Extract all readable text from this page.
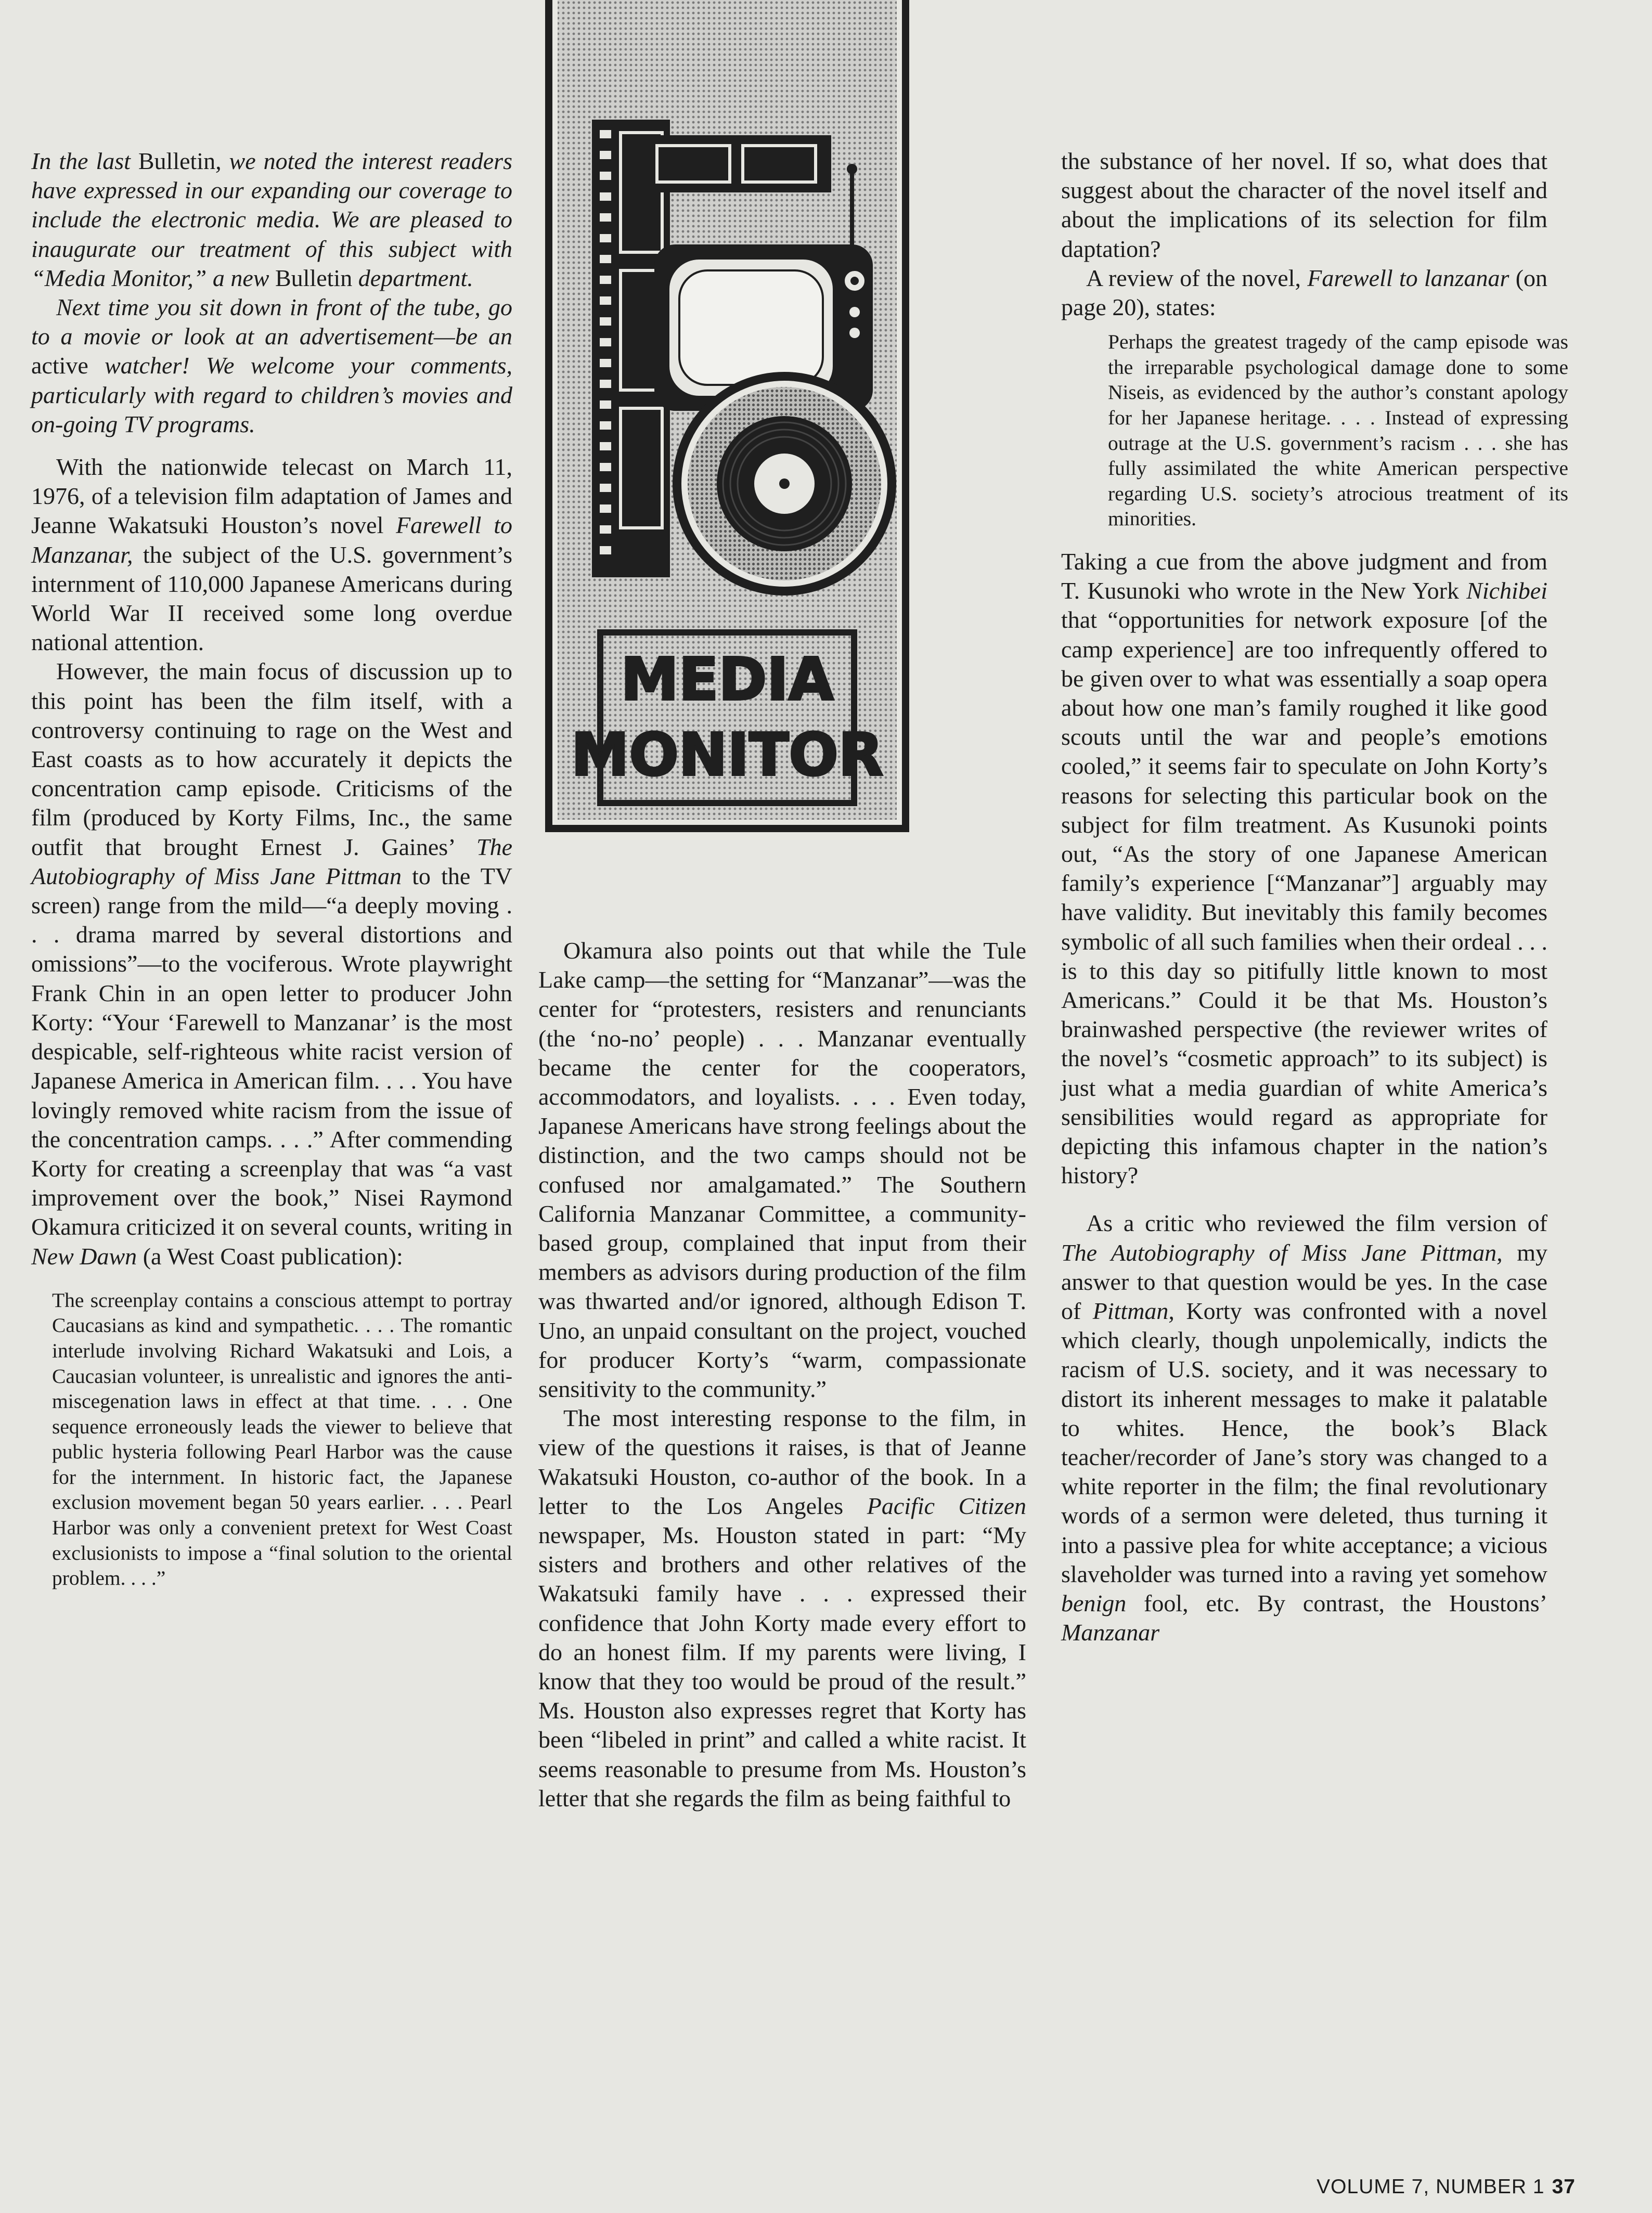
In the last Bulletin, we noted the interest readers have expressed in our expanding our coverage to include the electronic media. We are pleased to inaugurate our treatment of this subject with “Media Monitor,” a new Bulletin department.

Next time you sit down in front of the tube, go to a movie or look at an advertisement—be an active watcher! We welcome your comments, particularly with regard to children’s movies and on-going TV programs.

With the nationwide telecast on March 11, 1976, of a television film adaptation of James and Jeanne Wakatsuki Houston’s novel Farewell to Manzanar, the subject of the U.S. government’s internment of 110,000 Japanese Americans during World War II received some long overdue national attention.

However, the main focus of discussion up to this point has been the film itself, with a controversy continuing to rage on the West and East coasts as to how accurately it depicts the concentration camp episode. Criticisms of the film (produced by Korty Films, Inc., the same outfit that brought Ernest J. Gaines’ The Autobiography of Miss Jane Pittman to the TV screen) range from the mild—“a deeply moving . . . drama marred by several distortions and omissions”—to the vociferous. Wrote playwright Frank Chin in an open letter to producer John Korty: “Your ‘Farewell to Manzanar’ is the most despicable, self-righteous white racist version of Japanese America in American film. . . . You have lovingly removed white racism from the issue of the concentration camps. . . .” After commending Korty for creating a screenplay that was “a vast improvement over the book,” Nisei Raymond Okamura criticized it on several counts, writing in New Dawn (a West Coast publication):

The screenplay contains a conscious attempt to portray Caucasians as kind and sympathetic. . . . The romantic interlude involving Richard Wakatsuki and Lois, a Caucasian volunteer, is unrealistic and ignores the anti-miscegenation laws in effect at that time. . . . One sequence erroneously leads the viewer to believe that public hysteria following Pearl Harbor was the cause for the internment. In historic fact, the Japanese exclusion movement began 50 years earlier. . . . Pearl Harbor was only a convenient pretext for West Coast exclusionists to impose a “final solution to the oriental problem. . . .”
MEDIA
MONITOR

Okamura also points out that while the Tule Lake camp—the setting for “Manzanar”—was the center for “protesters, resisters and renunciants (the ‘no-no’ people) . . . Manzanar eventually became the center for the cooperators, accommodators, and loyalists. . . . Even today, Japanese Americans have strong feelings about the distinction, and the two camps should not be confused nor amalgamated.” The Southern California Manzanar Committee, a community-based group, complained that input from their members as advisors during production of the film was thwarted and/or ignored, although Edison T. Uno, an unpaid consultant on the project, vouched for producer Korty’s “warm, compassionate sensitivity to the community.”

The most interesting response to the film, in view of the questions it raises, is that of Jeanne Wakatsuki Houston, co-author of the book. In a letter to the Los Angeles Pacific Citizen newspaper, Ms. Houston stated in part: “My sisters and brothers and other relatives of the Wakatsuki family have . . . expressed their confidence that John Korty made every effort to do an honest film. If my parents were living, I know that they too would be proud of the result.” Ms. Houston also expresses regret that Korty has been “libeled in print” and called a white racist. It seems reasonable to presume from Ms. Houston’s letter that she regards the film as being faithful to

the substance of her novel. If so, what does that suggest about the character of the novel itself and about the implications of its selection for film daptation?

A review of the novel, Farewell to lanzanar (on page 20), states:

Perhaps the greatest tragedy of the camp episode was the irreparable psychological damage done to some Niseis, as evidenced by the author’s constant apology for her Japanese heritage. . . . Instead of expressing outrage at the U.S. government’s racism . . . she has fully assimilated the white American perspective regarding U.S. society’s atrocious treatment of its minorities.

Taking a cue from the above judgment and from T. Kusunoki who wrote in the New York Nichibei that “opportunities for network exposure [of the camp experience] are too infrequently offered to be given over to what was essentially a soap opera about how one man’s family roughed it like good scouts until the war and people’s emotions cooled,” it seems fair to speculate on John Korty’s reasons for selecting this particular book on the subject for film treatment. As Kusunoki points out, “As the story of one Japanese American family’s experience [“Manzanar”] arguably may have validity. But inevitably this family becomes symbolic of all such families when their ordeal . . . is to this day so pitifully little known to most Americans.” Could it be that Ms. Houston’s brainwashed perspective (the reviewer writes of the novel’s “cosmetic approach” to its subject) is just what a media guardian of white America’s sensibilities would regard as appropriate for depicting this infamous chapter in the nation’s history?

As a critic who reviewed the film version of The Autobiography of Miss Jane Pittman, my answer to that question would be yes. In the case of Pittman, Korty was confronted with a novel which clearly, though unpolemically, indicts the racism of U.S. society, and it was necessary to distort its inherent messages to make it palatable to whites. Hence, the book’s Black teacher/recorder of Jane’s story was changed to a white reporter in the film; the final revolutionary words of a sermon were deleted, thus turning it into a passive plea for white acceptance; a vicious slaveholder was turned into a raving yet somehow benign fool, etc. By contrast, the Houstons’ Manzanar

VOLUME 7, NUMBER 1 37
